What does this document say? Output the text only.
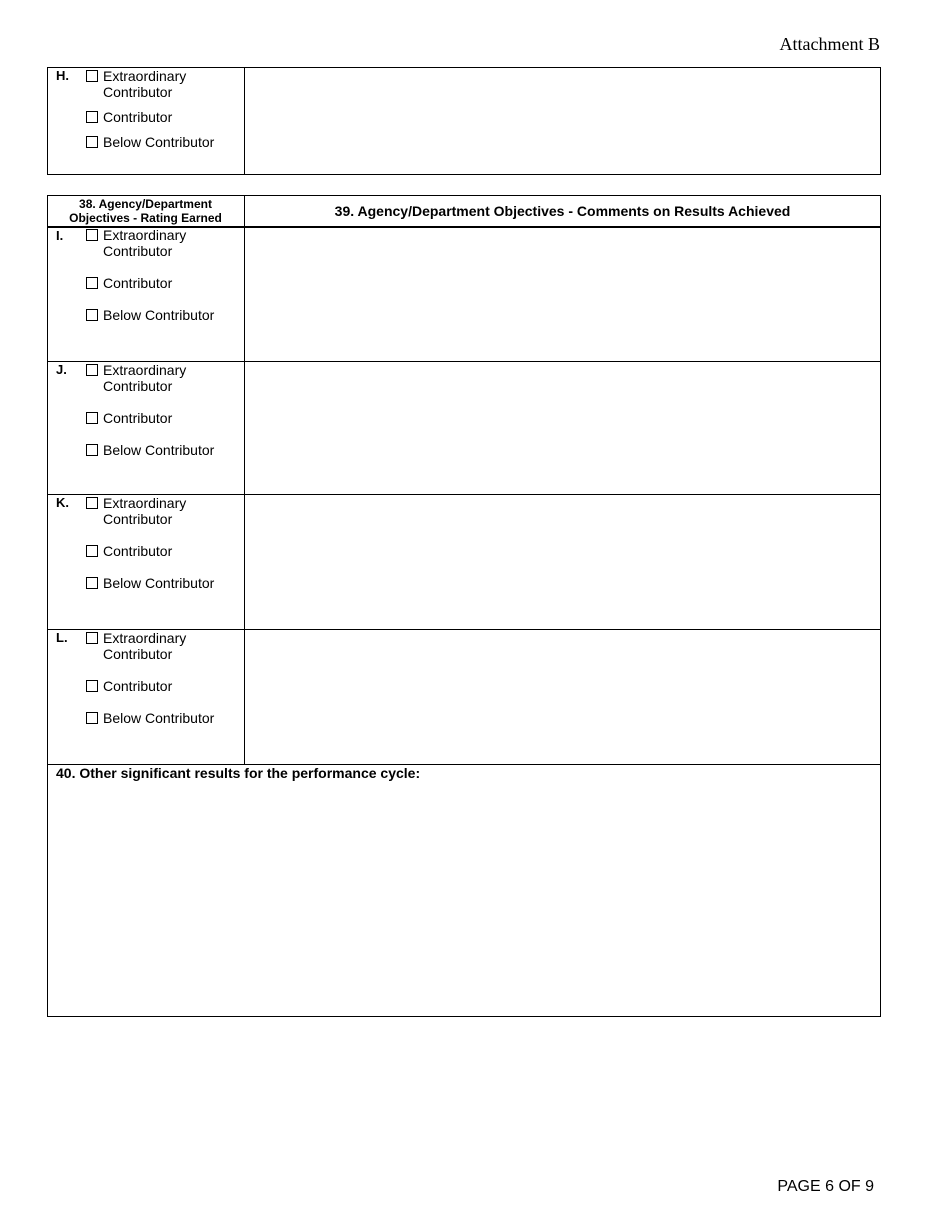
Attachment B
H.	Extraordinary
Contributor
Contributor
Below Contributor
38. Agency/Department
Objectives - Rating Earned	39. Agency/Department Objectives - Comments on Results Achieved
I.	Extraordinary
Contributor
Contributor
Below Contributor
J.	Extraordinary
Contributor
Contributor
Below Contributor
K.	Extraordinary
Contributor
Contributor
Below Contributor
L.	Extraordinary
Contributor
Contributor
Below Contributor
40. Other significant results for the performance cycle:
PAGE 6 OF 9
